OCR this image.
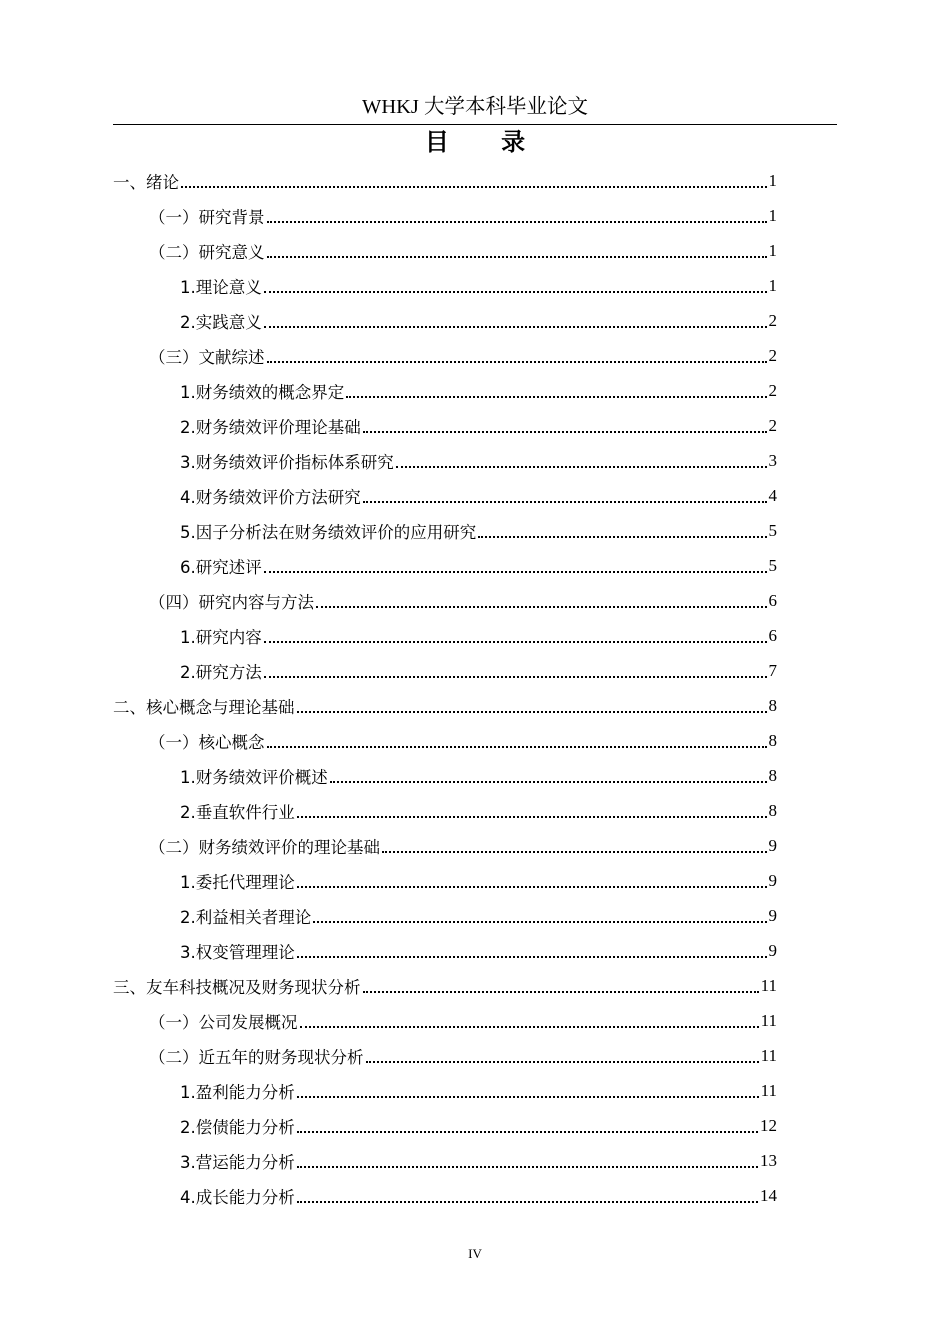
WHKJ 大学本科毕业论文
目 录
一、绪论	1
（一）研究背景	1
（二）研究意义	1
1.理论意义	1
2.实践意义	2
（三）文献综述	2
1.财务绩效的概念界定	2
2.财务绩效评价理论基础	2
3.财务绩效评价指标体系研究	3
4.财务绩效评价方法研究	4
5.因子分析法在财务绩效评价的应用研究	5
6.研究述评	5
（四）研究内容与方法	6
1.研究内容	6
2.研究方法	7
二、核心概念与理论基础	8
（一）核心概念	8
1.财务绩效评价概述	8
2.垂直软件行业	8
（二）财务绩效评价的理论基础	9
1.委托代理理论	9
2.利益相关者理论	9
3.权变管理理论	9
三、友车科技概况及财务现状分析	11
（一）公司发展概况	11
（二）近五年的财务现状分析	11
1.盈利能力分析	11
2.偿债能力分析	12
3.营运能力分析	13
4.成长能力分析	14
IV
